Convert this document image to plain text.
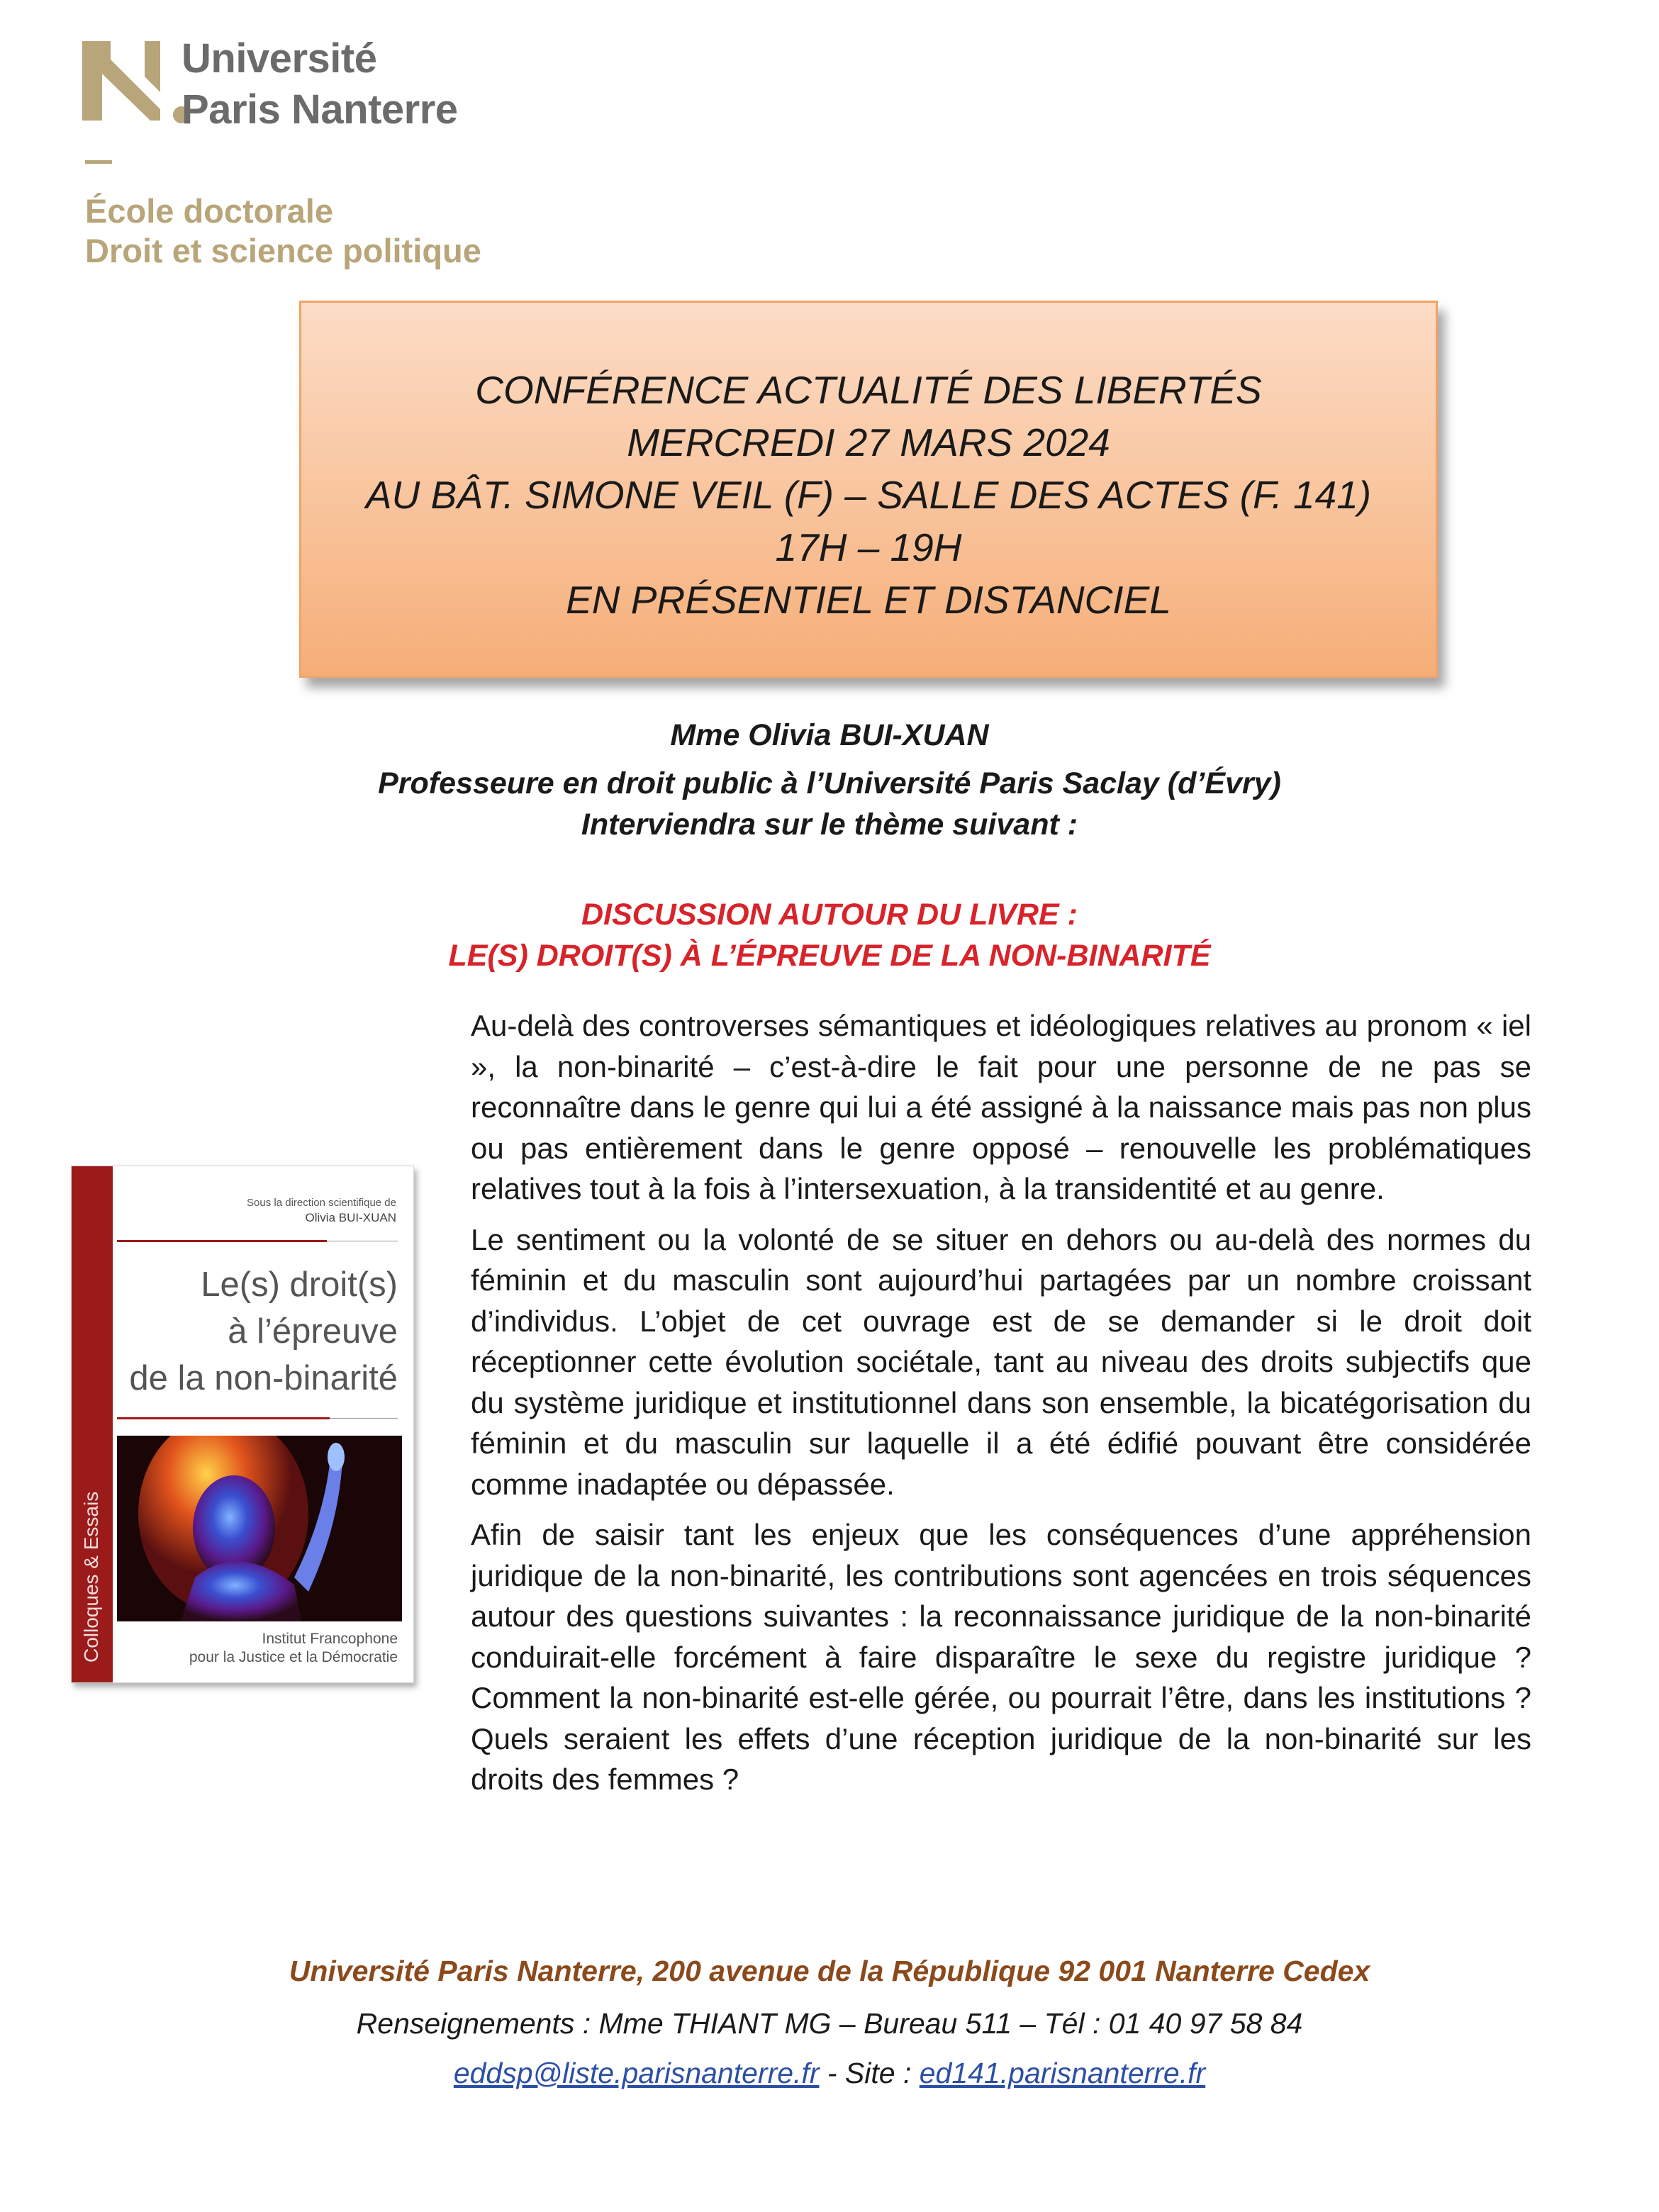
Université
Paris Nanterre
École doctorale
Droit et science politique
CONFÉRENCE ACTUALITÉ DES LIBERTÉS
MERCREDI 27 MARS 2024
AU BÂT. SIMONE VEIL (F) – SALLE DES ACTES (F. 141)
17H – 19H
EN PRÉSENTIEL ET DISTANCIEL
Mme Olivia BUI-XUAN
Professeure en droit public à l’Université Paris Saclay (d’Évry)
Interviendra sur le thème suivant :
DISCUSSION AUTOUR DU LIVRE :
LE(S) DROIT(S) À L’ÉPREUVE DE LA NON-BINARITÉ

Au-delà des controverses sémantiques et idéologiques relatives au pronom « iel », la non-binarité – c’est-à-dire le fait pour une personne de ne pas se reconnaître dans le genre qui lui a été assigné à la naissance mais pas non plus ou pas entièrement dans le genre opposé – renouvelle les problématiques relatives tout à la fois à l’intersexuation, à la transidentité et au genre.

Le sentiment ou la volonté de se situer en dehors ou au-delà des normes du féminin et du masculin sont aujourd’hui partagées par un nombre croissant d’individus. L’objet de cet ouvrage est de se demander si le droit doit réceptionner cette évolution sociétale, tant au niveau des droits subjectifs que du système juridique et institutionnel dans son ensemble, la bicatégorisation du féminin et du masculin sur laquelle il a été édifié pouvant être considérée comme inadaptée ou dépassée.

Afin de saisir tant les enjeux que les conséquences d’une appréhension juridique de la non-binarité, les contributions sont agencées en trois séquences autour des questions suivantes : la reconnaissance juridique de la non-binarité conduirait-elle forcément à faire disparaître le sexe du registre juridique ? Comment la non-binarité est-elle gérée, ou pourrait l’être, dans les institutions ? Quels seraient les effets d’une réception juridique de la non-binarité sur les droits des femmes ?

Colloques & Essais
Sous la direction scientifique de
Olivia BUI-XUAN
Le(s) droit(s)
à l’épreuve
de la non-binarité
Institut Francophone
pour la Justice et la Démocratie
Université Paris Nanterre, 200 avenue de la République 92 001 Nanterre Cedex
Renseignements : Mme THIANT MG – Bureau 511 – Tél : 01 40 97 58 84
eddsp@liste.parisnanterre.fr - Site : ed141.parisnanterre.fr
